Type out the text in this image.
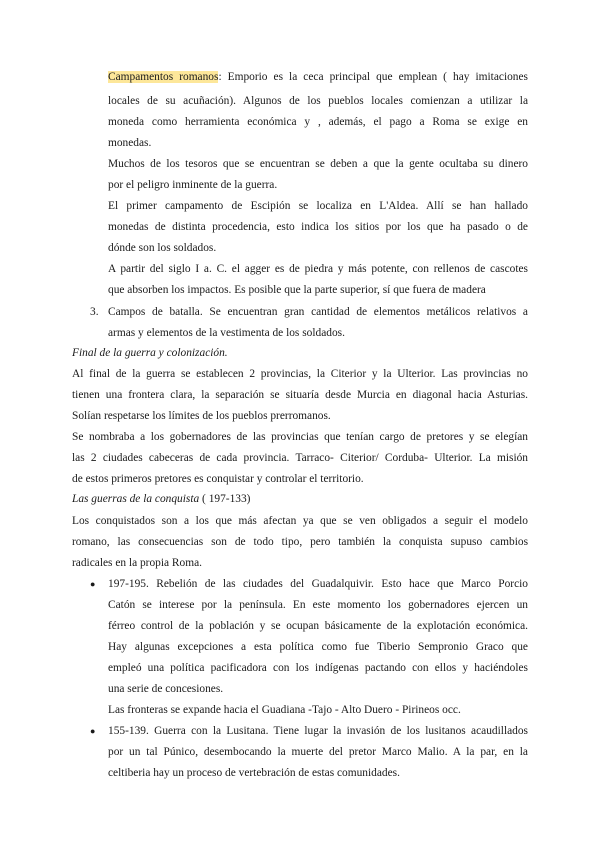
Campamentos romanos: Emporio es la ceca principal que emplean ( hay imitaciones
locales de su acuñación). Algunos de los pueblos locales comienzan a utilizar la
moneda como herramienta económica y , además, el pago a Roma se exige en
monedas.
Muchos de los tesoros que se encuentran se deben a que la gente ocultaba su dinero
por el peligro inminente de la guerra.
El primer campamento de Escipión se localiza en L'Aldea. Allí se han hallado
monedas de distinta procedencia, esto indica los sitios por los que ha pasado o de
dónde son los soldados.
A partir del siglo I a. C. el agger es de piedra y más potente, con rellenos de cascotes
que absorben los impactos. Es posible que la parte superior, sí que fuera de madera
3. Campos de batalla. Se encuentran gran cantidad de elementos metálicos relativos a
armas y elementos de la vestimenta de los soldados.
Final de la guerra y colonización.
Al final de la guerra se establecen 2 provincias, la Citerior y la Ulterior. Las provincias no
tienen una frontera clara, la separación se situaría desde Murcia en diagonal hacia Asturias.
Solían respetarse los límites de los pueblos prerromanos.
Se nombraba a los gobernadores de las provincias que tenían cargo de pretores y se elegían
las 2 ciudades cabeceras de cada provincia. Tarraco- Citerior/ Corduba- Ulterior. La misión
de estos primeros pretores es conquistar y controlar el territorio.
Las guerras de la conquista ( 197-133)
Los conquistados son a los que más afectan ya que se ven obligados a seguir el modelo
romano, las consecuencias son de todo tipo, pero también la conquista supuso cambios
radicales en la propia Roma.
● 197-195. Rebelión de las ciudades del Guadalquivir. Esto hace que Marco Porcio
Catón se interese por la península. En este momento los gobernadores ejercen un
férreo control de la población y se ocupan básicamente de la explotación económica.
Hay algunas excepciones a esta política como fue Tiberio Sempronio Graco que
empleó una política pacificadora con los indígenas pactando con ellos y haciéndoles
una serie de concesiones.
Las fronteras se expande hacia el Guadiana -Tajo - Alto Duero - Pirineos occ.
● 155-139. Guerra con la Lusitana. Tiene lugar la invasión de los lusitanos acaudillados
por un tal Púnico, desembocando la muerte del pretor Marco Malio. A la par, en la
celtiberia hay un proceso de vertebración de estas comunidades.
